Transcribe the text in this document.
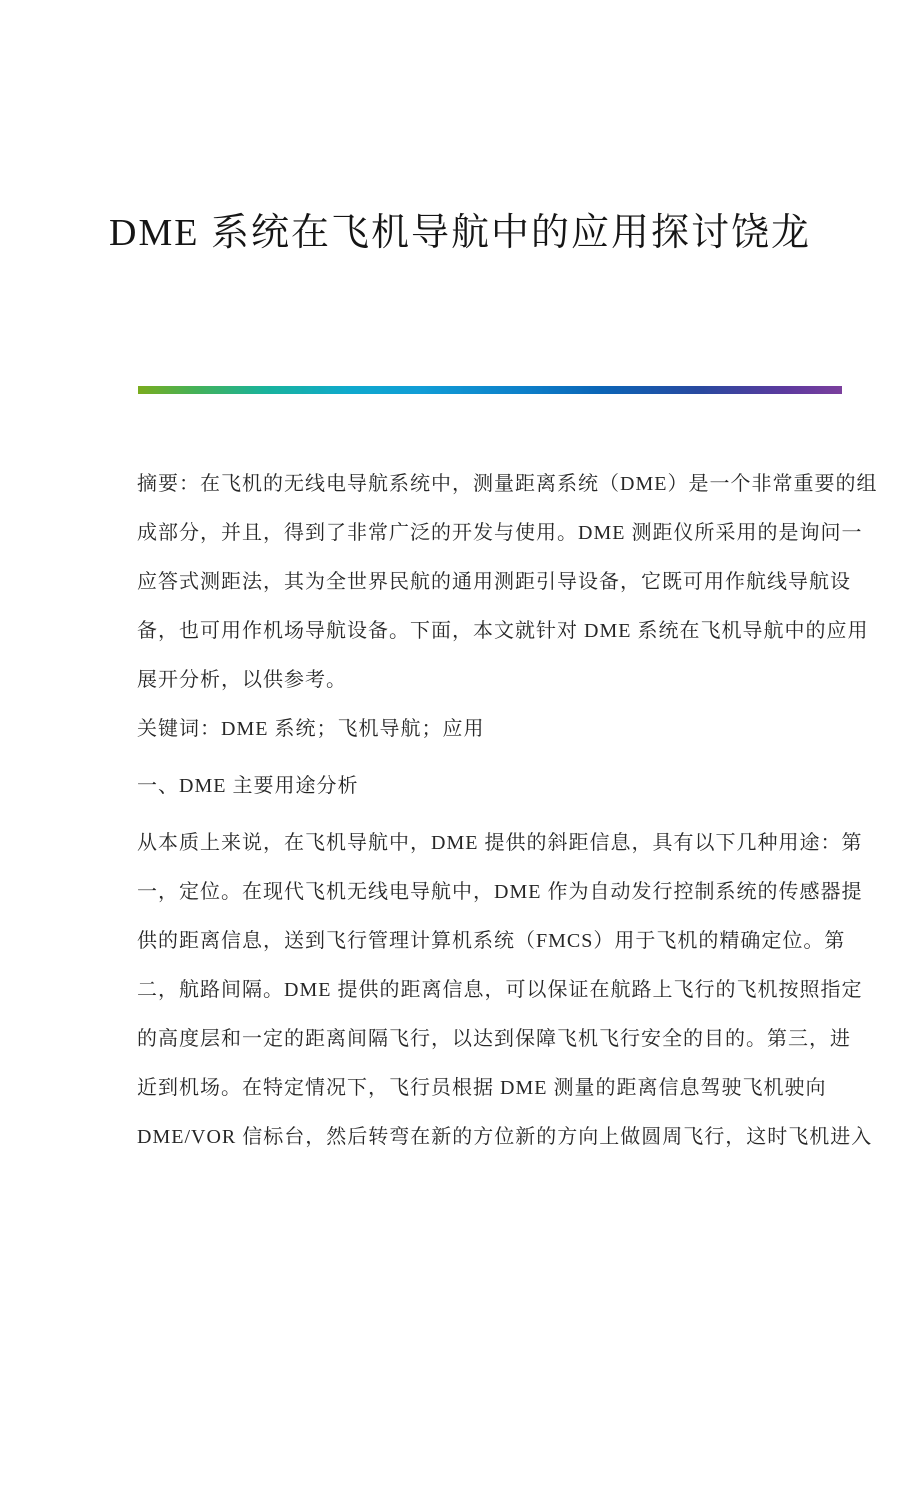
DME 系统在飞机导航中的应用探讨饶龙
摘要：在飞机的无线电导航系统中，测量距离系统（DME）是一个非常重要的组
成部分，并且，得到了非常广泛的开发与使用。DME 测距仪所采用的是询问一
应答式测距法，其为全世界民航的通用测距引导设备，它既可用作航线导航设
备，也可用作机场导航设备。下面，本文就针对 DME 系统在飞机导航中的应用
展开分析，以供参考。
关键词：DME 系统；飞机导航；应用
一、DME 主要用途分析
从本质上来说，在飞机导航中，DME 提供的斜距信息，具有以下几种用途：第
一，定位。在现代飞机无线电导航中，DME 作为自动发行控制系统的传感器提
供的距离信息，送到飞行管理计算机系统（FMCS）用于飞机的精确定位。第
二，航路间隔。DME 提供的距离信息，可以保证在航路上飞行的飞机按照指定
的高度层和一定的距离间隔飞行，以达到保障飞机飞行安全的目的。第三，进
近到机场。在特定情况下，飞行员根据 DME 测量的距离信息驾驶飞机驶向
DME/VOR 信标台，然后转弯在新的方位新的方向上做圆周飞行，这时飞机进入
